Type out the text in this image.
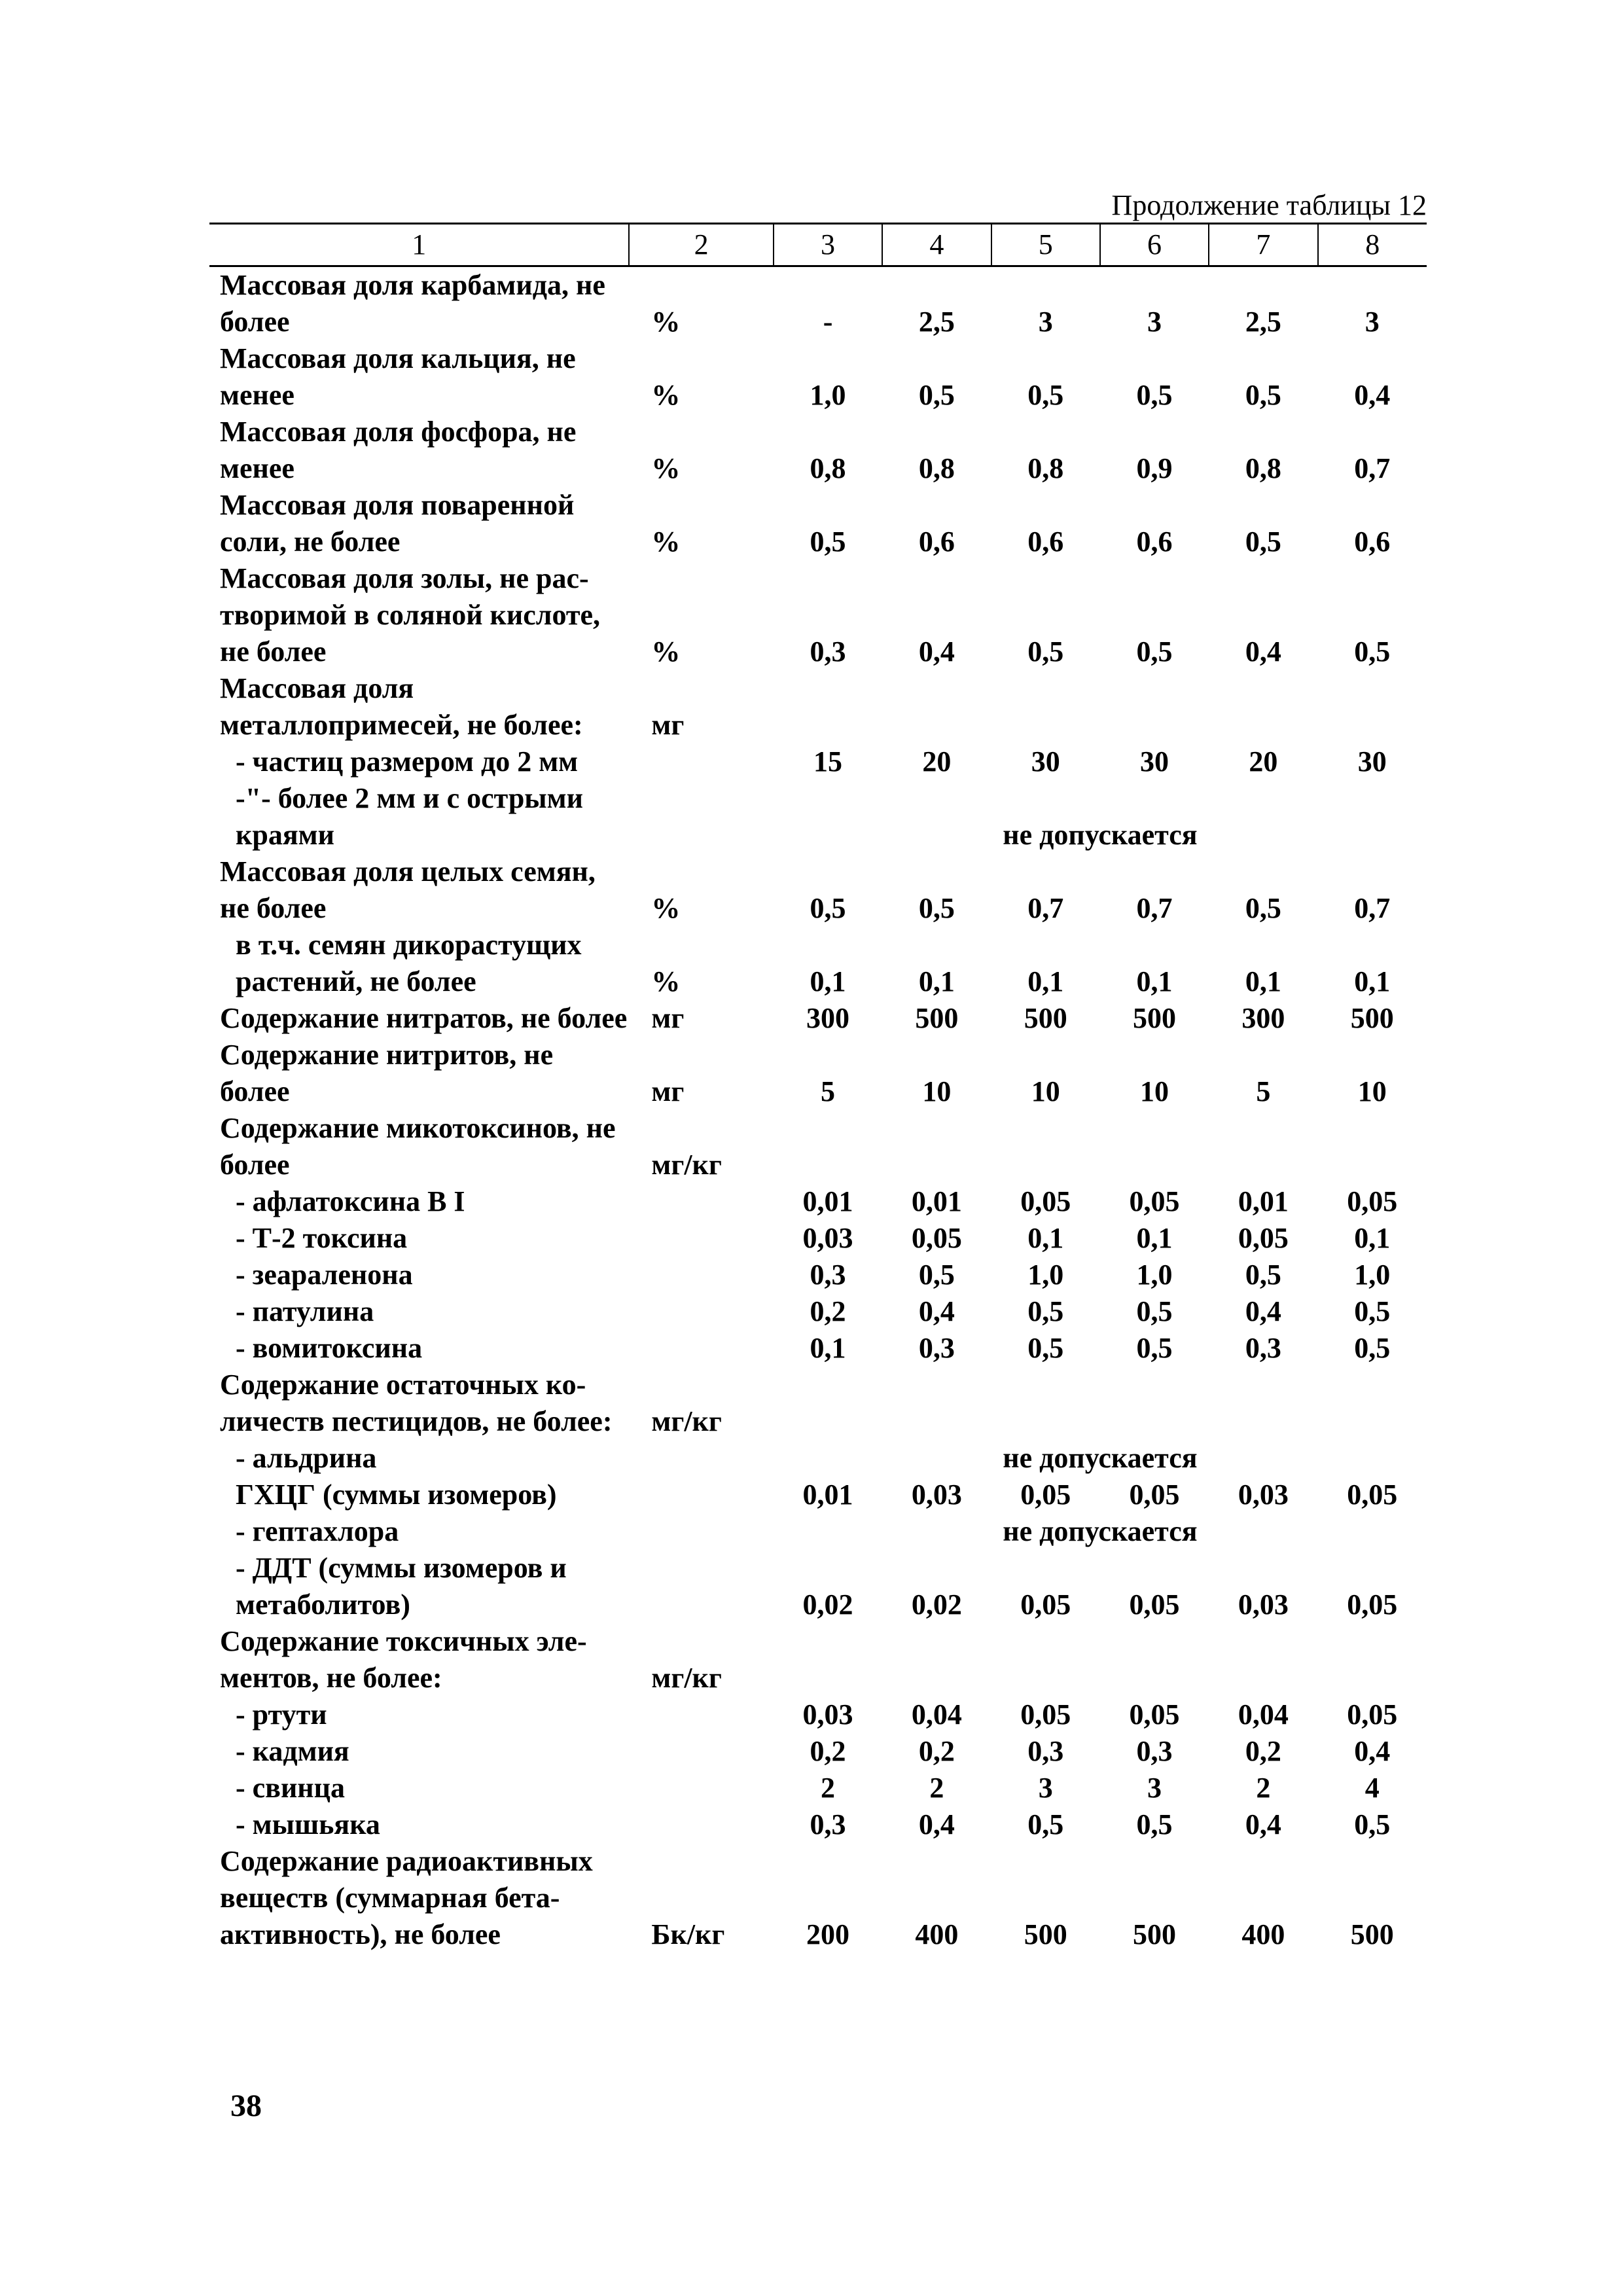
Продолжение таблицы 12
1	2	3	4	5	6	7	8
Массовая доля карбамида, не более	%	-	2,5	3	3	2,5	3
Массовая доля кальция, не менее	%	1,0	0,5	0,5	0,5	0,5	0,4
Массовая доля фосфора, не менее	%	0,8	0,8	0,8	0,9	0,8	0,7
Массовая доля поваренной соли, не более	%	0,5	0,6	0,6	0,6	0,5	0,6
Массовая доля золы, не рас-творимой в соляной кислоте, не более	%	0,3	0,4	0,5	0,5	0,4	0,5
Массовая доля металлопримесей, не более:	мг						
- частиц размером до 2 мм		15	20	30	30	20	30
-"- более 2 мм и с острыми краями		не допускается					
Массовая доля целых семян, не более	%	0,5	0,5	0,7	0,7	0,5	0,7
в т.ч. семян дикорастущих растений, не более	%	0,1	0,1	0,1	0,1	0,1	0,1
Содержание нитратов, не более	мг	300	500	500	500	300	500
Содержание нитритов, не более	мг	5	10	10	10	5	10
Содержание микотоксинов, не более	мг/кг						
- афлатоксина В I		0,01	0,01	0,05	0,05	0,01	0,05
- Т-2 токсина		0,03	0,05	0,1	0,1	0,05	0,1
- зеараленона		0,3	0,5	1,0	1,0	0,5	1,0
- патулина		0,2	0,4	0,5	0,5	0,4	0,5
- вомитоксина		0,1	0,3	0,5	0,5	0,3	0,5
Содержание остаточных ко-личеств пестицидов, не более:	мг/кг						
- альдрина		не допускается					
ГХЦГ (суммы изомеров)		0,01	0,03	0,05	0,05	0,03	0,05
- гептахлора		не допускается					
- ДДТ (суммы изомеров и метаболитов)		0,02	0,02	0,05	0,05	0,03	0,05
Содержание токсичных эле-ментов, не более:	мг/кг						
- ртути		0,03	0,04	0,05	0,05	0,04	0,05
- кадмия		0,2	0,2	0,3	0,3	0,2	0,4
- свинца		2	2	3	3	2	4
- мышьяка		0,3	0,4	0,5	0,5	0,4	0,5
Содержание радиоактивных веществ (суммарная бета-активность), не более	Бк/кг	200	400	500	500	400	500
38
